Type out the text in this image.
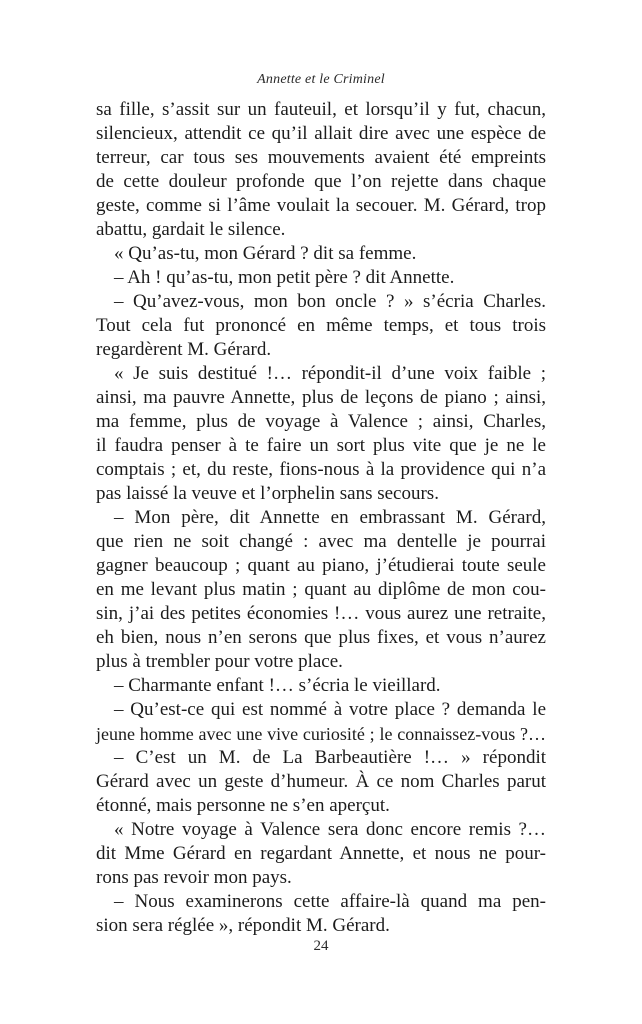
Annette et le Criminel
sa fille, s’assit sur un fauteuil, et lorsqu’il y fut, chacun,
silencieux, attendit ce qu’il allait dire avec une espèce de
terreur, car tous ses mouvements avaient été empreints
de cette douleur profonde que l’on rejette dans chaque
geste, comme si l’âme voulait la secouer. M. Gérard, trop
abattu, gardait le silence.
« Qu’as-tu, mon Gérard ? dit sa femme.
– Ah ! qu’as-tu, mon petit père ? dit Annette.
– Qu’avez-vous, mon bon oncle ? » s’écria Charles.
Tout cela fut prononcé en même temps, et tous trois
regardèrent M. Gérard.
« Je suis destitué !… répondit-il d’une voix faible ;
ainsi, ma pauvre Annette, plus de leçons de piano ; ainsi,
ma femme, plus de voyage à Valence ; ainsi, Charles,
il faudra penser à te faire un sort plus vite que je ne le
comptais ; et, du reste, fions-nous à la providence qui n’a
pas laissé la veuve et l’orphelin sans secours.
– Mon père, dit Annette en embrassant M. Gérard,
que rien ne soit changé : avec ma dentelle je pourrai
gagner beaucoup ; quant au piano, j’étudierai toute seule
en me levant plus matin ; quant au diplôme de mon cou-
sin, j’ai des petites économies !… vous aurez une retraite,
eh bien, nous n’en serons que plus fixes, et vous n’aurez
plus à trembler pour votre place.
– Charmante enfant !… s’écria le vieillard.
– Qu’est-ce qui est nommé à votre place ? demanda le
jeune homme avec une vive curiosité ; le connaissez-vous ?…
– C’est un M. de La Barbeautière !… » répondit
Gérard avec un geste d’humeur. À ce nom Charles parut
étonné, mais personne ne s’en aperçut.
« Notre voyage à Valence sera donc encore remis ?…
dit Mme Gérard en regardant Annette, et nous ne pour-
rons pas revoir mon pays.
– Nous examinerons cette affaire-là quand ma pen-
sion sera réglée », répondit M. Gérard.
24
